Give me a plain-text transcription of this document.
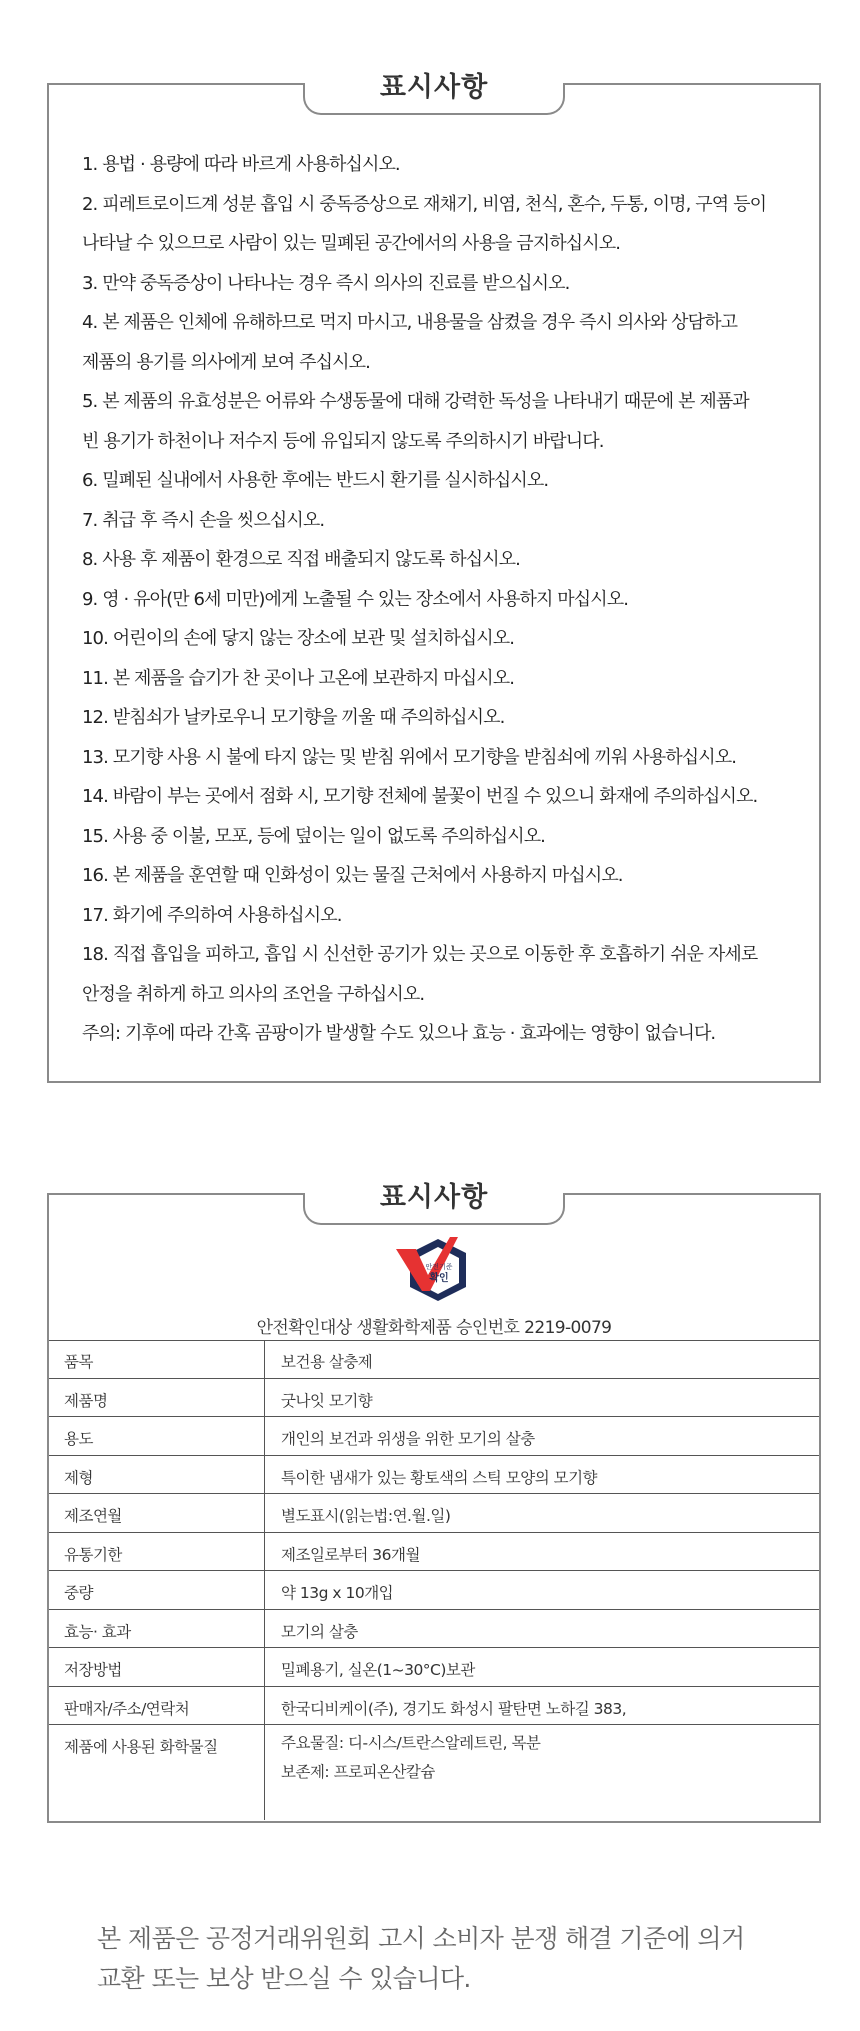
표시사항
1. 용법 · 용량에 따라 바르게 사용하십시오.
2. 피레트로이드계 성분 흡입 시 중독증상으로 재채기, 비염, 천식, 혼수, 두통, 이명, 구역 등이
나타날 수 있으므로 사람이 있는 밀폐된 공간에서의 사용을 금지하십시오.
3. 만약 중독증상이 나타나는 경우 즉시 의사의 진료를 받으십시오.
4. 본 제품은 인체에 유해하므로 먹지 마시고, 내용물을 삼켰을 경우 즉시 의사와 상담하고
제품의 용기를 의사에게 보여 주십시오.
5. 본 제품의 유효성분은 어류와 수생동물에 대해 강력한 독성을 나타내기 때문에 본 제품과
빈 용기가 하천이나 저수지 등에 유입되지 않도록 주의하시기 바랍니다.
6. 밀폐된 실내에서 사용한 후에는 반드시 환기를 실시하십시오.
7. 취급 후 즉시 손을 씻으십시오.
8. 사용 후 제품이 환경으로 직접 배출되지 않도록 하십시오.
9. 영 · 유아(만 6세 미만)에게 노출될 수 있는 장소에서 사용하지 마십시오.
10. 어린이의 손에 닿지 않는 장소에 보관 및 설치하십시오.
11. 본 제품을 습기가 찬 곳이나 고온에 보관하지 마십시오.
12. 받침쇠가 날카로우니 모기향을 끼울 때 주의하십시오.
13. 모기향 사용 시 불에 타지 않는 및 받침 위에서 모기향을 받침쇠에 끼워 사용하십시오.
14. 바람이 부는 곳에서 점화 시, 모기향 전체에 불꽃이 번질 수 있으니 화재에 주의하십시오.
15. 사용 중 이불, 모포, 등에 덮이는 일이 없도록 주의하십시오.
16. 본 제품을 훈연할 때 인화성이 있는 물질 근처에서 사용하지 마십시오.
17. 화기에 주의하여 사용하십시오.
18. 직접 흡입을 피하고, 흡입 시 신선한 공기가 있는 곳으로 이동한 후 호흡하기 쉬운 자세로
안정을 취하게 하고 의사의 조언을 구하십시오.
주의: 기후에 따라 간혹 곰팡이가 발생할 수도 있으나 효능 · 효과에는 영향이 없습니다.
표시사항
안전기준
확인
안전확인대상 생활화학제품 승인번호 2219-0079
품목	보건용 살충제
제품명	굿나잇 모기향
용도	개인의 보건과 위생을 위한 모기의 살충
제형	특이한 냄새가 있는 황토색의 스틱 모양의 모기향
제조연월	별도표시(읽는법:연.월.일)
유통기한	제조일로부터 36개월
중량	약 13g x 10개입
효능· 효과	모기의 살충
저장방법	밀폐용기, 실온(1~30°C)보관
판매자/주소/연락처	한국디비케이(주), 경기도 화성시 팔탄면 노하길 383,
제품에 사용된 화학물질	주요물질: 디-시스/트란스알레트린, 목분
보존제: 프로피온산칼슘
본 제품은 공정거래위원회 고시 소비자 분쟁 해결 기준에 의거
교환 또는 보상 받으실 수 있습니다.
